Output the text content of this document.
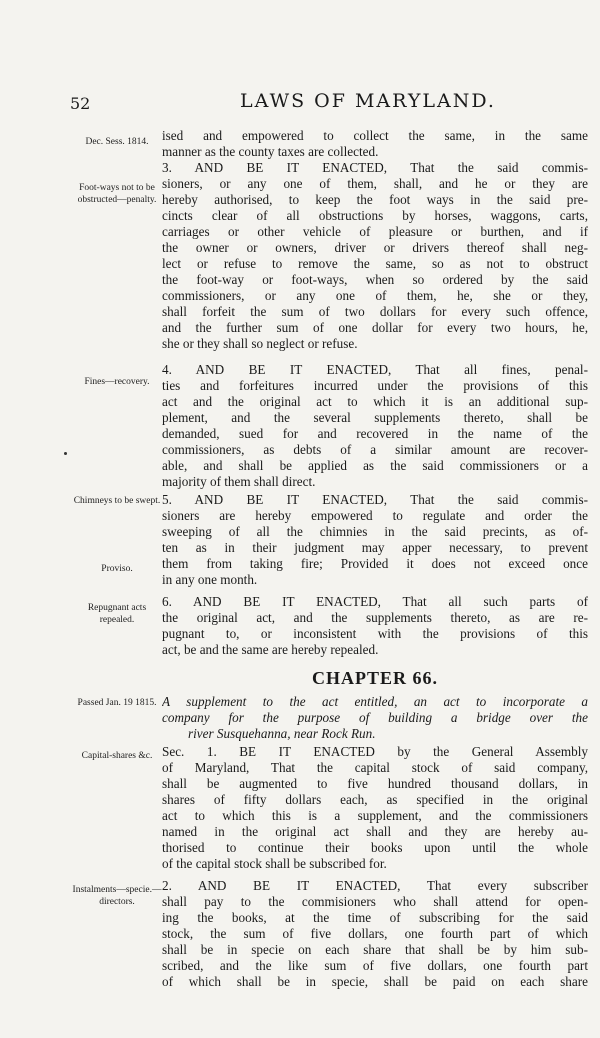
52	LAWS OF MARYLAND.
Dec. Sess. 1814.
Foot-ways not to be obstructed—penalty.
Fines—recovery.
Chimneys to be swept.
Proviso.
Repugnant acts repealed.
Passed Jan. 19 1815.
Capital-shares &c.
Instalments—specie.—directors.
ised and empowered to collect the same, in the same
manner as the county taxes are collected.
3. AND BE IT ENACTED, That the said commis-
sioners, or any one of them, shall, and he or they are
hereby authorised, to keep the foot ways in the said pre-
cincts clear of all obstructions by horses, waggons, carts,
carriages or other vehicle of pleasure or burthen, and if
the owner or owners, driver or drivers thereof shall neg-
lect or refuse to remove the same, so as not to obstruct
the foot-way or foot-ways, when so ordered by the said
commissioners, or any one of them, he, she or they,
shall forfeit the sum of two dollars for every such offence,
and the further sum of one dollar for every two hours, he,
she or they shall so neglect or refuse.
4. AND BE IT ENACTED, That all fines, penal-
ties and forfeitures incurred under the provisions of this
act and the original act to which it is an additional sup-
plement, and the several supplements thereto, shall be
demanded, sued for and recovered in the name of the
commissioners, as debts of a similar amount are recover-
able, and shall be applied as the said commissioners or a
majority of them shall direct.
5. AND BE IT ENACTED, That the said commis-
sioners are hereby empowered to regulate and order the
sweeping of all the chimnies in the said precints, as of-
ten as in their judgment may apper necessary, to prevent
them from taking fire; Provided it does not exceed once
in any one month.
6. AND BE IT ENACTED, That all such parts of
the original act, and the supplements thereto, as are re-
pugnant to, or inconsistent with the provisions of this
act, be and the same are hereby repealed.
CHAPTER 66.
A supplement to the act entitled, an act to incorporate a
company for the purpose of building a bridge over the
river Susquehanna, near Rock Run.
Sec. 1. BE IT ENACTED by the General Assembly
of Maryland, That the capital stock of said company,
shall be augmented to five hundred thousand dollars, in
shares of fifty dollars each, as specified in the original
act to which this is a supplement, and the commissioners
named in the original act shall and they are hereby au-
thorised to continue their books upon until the whole
of the capital stock shall be subscribed for.
2. AND BE IT ENACTED, That every subscriber
shall pay to the commisioners who shall attend for open-
ing the books, at the time of subscribing for the said
stock, the sum of five dollars, one fourth part of which
shall be in specie on each share that shall be by him sub-
scribed, and the like sum of five dollars, one fourth part
of which shall be in specie, shall be paid on each share
